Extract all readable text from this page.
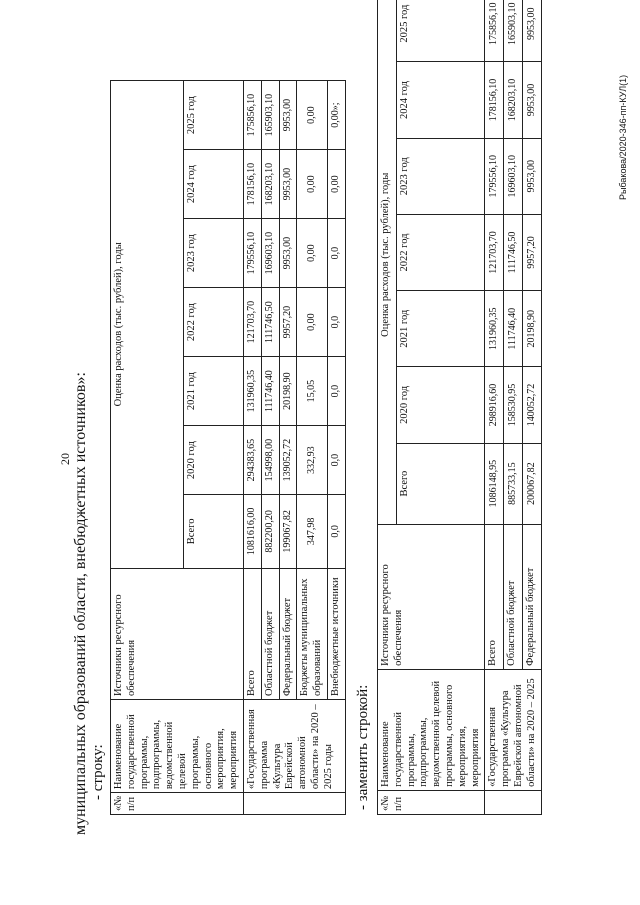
20 муниципальных образований области, внебюджетных источников»: - строку:
«№ п/п	Наименование государственной программы, подпрограммы, ведомственной целевой программы, основного мероприятия, мероприятия	Источники ресурсного обеспечения	Оценка расходов (тыс. рублей), годы						
			Всего	2020 год	2021 год	2022 год	2023 год	2024 год	2025 год
	«Государственная программа «Культура Еврейской автономной области» на 2020 – 2025 годы	Всего	1081616,00	294383,65	131960,35	121703,70	179556,10	178156,10	175856,10
		Областной бюджет	882200,20	154998,00	111746,40	111746,50	169603,10	168203,10	165903,10
		Федеральный бюджет	199067,82	139052,72	20198,90	9957,20	9953,00	9953,00	9953,00
		Бюджеты муниципальных образований	347,98	332,93	15,05	0,00	0,00	0,00	0,00
		Внебюджетные источники	0,0	0,0	0,0	0,0	0,0	0,00	0,00»;
- заменить строкой: «№ п/п	Наименование государственной программы, подпрограммы, ведомственной целевой программы, основного мероприятия, мероприятия	Источники ресурсного обеспечения	Оценка расходов (тыс. рублей), годы						
			Всего	2020 год	2021 год	2022 год	2023 год	2024 год	2025 год
	«Государственная программа «Культура Еврейской автономной области» на 2020 – 2025	Всего	1086148,95	298916,60	131960,35	121703,70	179556,10	178156,10	175856,10
		Областной бюджет	885733,15	158530,95	111746,40	111746,50	169603,10	168203,10	165903,10
		Федеральный бюджет	200067,82	140052,72	20198,90	9957,20	9953,00	9953,00	9953,00
Рыбакова/2020-346-пп-КУЛ(1)
